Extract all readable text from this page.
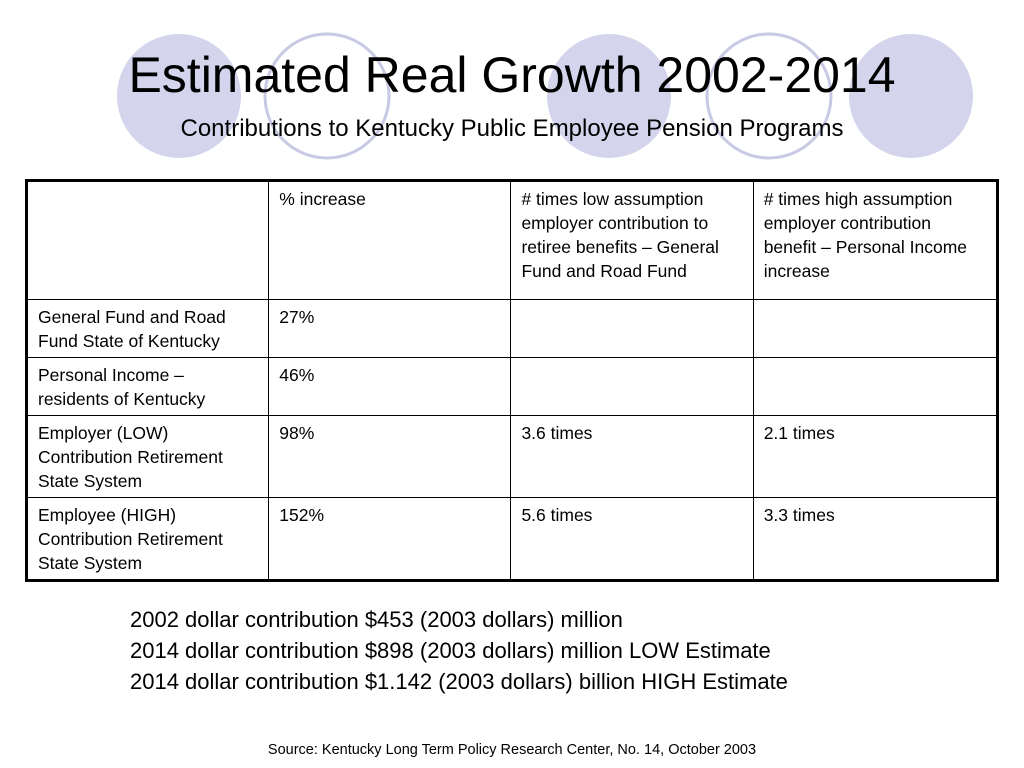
Estimated Real Growth 2002-2014
Contributions to Kentucky Public Employee Pension Programs
	% increase	# times low assumption employer contribution to retiree benefits – General Fund and Road Fund	# times high assumption employer contribution benefit – Personal Income increase
General Fund and Road Fund State of Kentucky	27%		
Personal Income – residents of Kentucky	46%		
Employer (LOW) Contribution Retirement State System	98%	3.6 times	2.1 times
Employee (HIGH) Contribution Retirement State System	152%	5.6 times	3.3 times
2002 dollar contribution $453 (2003 dollars) million
2014 dollar contribution $898 (2003 dollars) million LOW Estimate
2014 dollar contribution $1.142 (2003 dollars) billion HIGH Estimate
Source: Kentucky Long Term Policy Research Center, No. 14, October 2003
